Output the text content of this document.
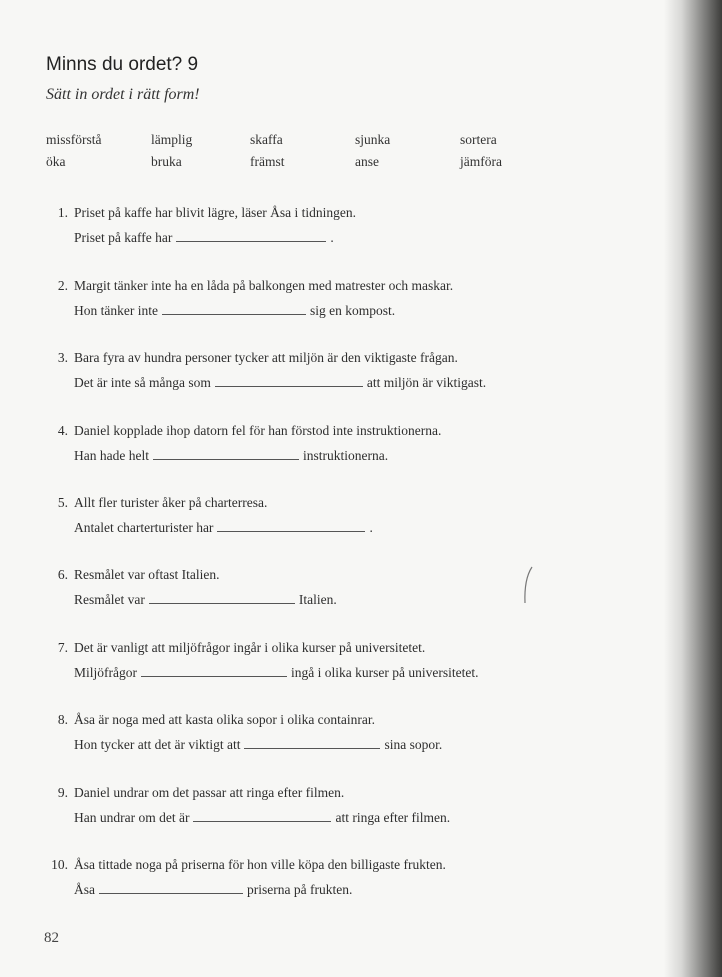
Minns du ordet? 9
Sätt in ordet i rätt form!
missförstå	lämplig	skaffa	sjunka	sortera
öka	bruka	främst	anse	jämföra
1. Priset på kaffe har blivit lägre, läser Åsa i tidningen.
Priset på kaffe har	.
2. Margit tänker inte ha en låda på balkongen med matrester och maskar.
Hon tänker inte	sig en kompost.
3. Bara fyra av hundra personer tycker att miljön är den viktigaste frågan.
Det är inte så många som	att miljön är viktigast.
4. Daniel kopplade ihop datorn fel för han förstod inte instruktionerna.
Han hade helt	instruktionerna.
5. Allt fler turister åker på charterresa.
Antalet charterturister har	.
6. Resmålet var oftast Italien.
Resmålet var	Italien.
7. Det är vanligt att miljöfrågor ingår i olika kurser på universitetet.
Miljöfrågor	ingå i olika kurser på universitetet.
8. Åsa är noga med att kasta olika sopor i olika containrar.
Hon tycker att det är viktigt att	sina sopor.
9. Daniel undrar om det passar att ringa efter filmen.
Han undrar om det är	att ringa efter filmen.
10. Åsa tittade noga på priserna för hon ville köpa den billigaste frukten.
Åsa	priserna på frukten.
82
